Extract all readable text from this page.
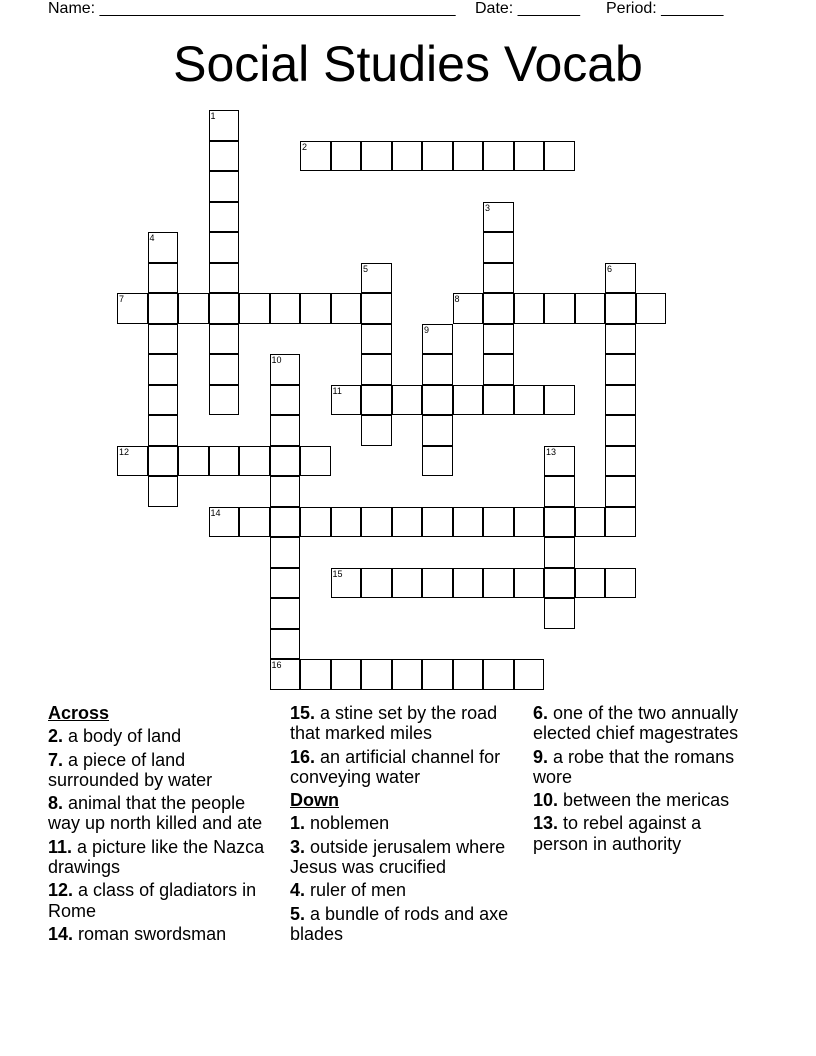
Name: ________________________________________

Date: _______

Period: _______

Social Studies Vocab
1
2
3
4
5	6
7	8
9
10
16
11
12	13
14
15
Across
2. a body of land
7. a piece of land surrounded by water
8. animal that the people way up north killed and ate
11. a picture like the Nazca drawings
12. a class of gladiators in Rome
14. roman swordsman
15. a stine set by the road that marked miles
16. an artificial channel for conveying water
Down
1. noblemen
3. outside jerusalem where Jesus was crucified
4. ruler of men
5. a bundle of rods and axe blades
6. one of the two annually elected chief magestrates
9. a robe that the romans wore
10. between the mericas
13. to rebel against a person in authority
